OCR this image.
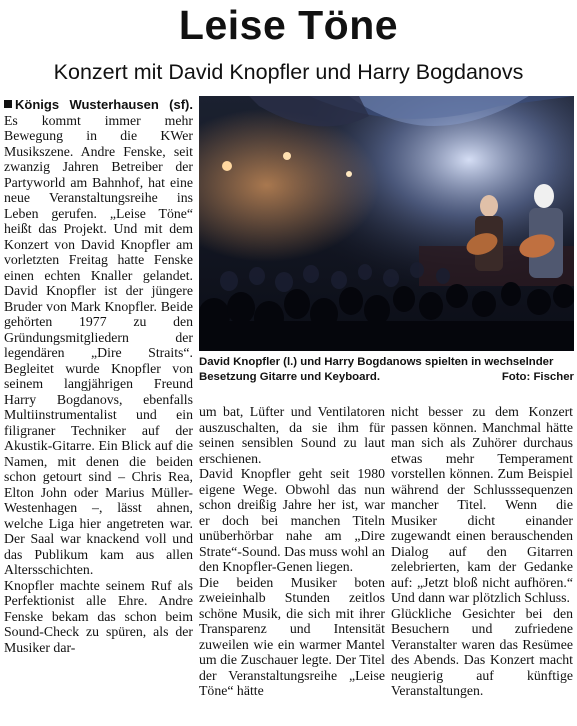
Leise Töne
Konzert mit David Knopfler und Harry Bogdanovs

Königs Wusterhausen (sf). Es kommt immer mehr Bewegung in die KWer Musikszene. Andre Fenske, seit zwanzig Jahren Betreiber der Partyworld am Bahnhof, hat eine neue Veranstaltungsreihe ins Leben gerufen. „Leise Töne“ heißt das Projekt. Und mit dem Konzert von David Knopfler am vorletzten Freitag hatte Fenske einen echten Knaller gelandet. David Knopfler ist der jüngere Bruder von Mark Knopfler. Beide gehörten 1977 zu den Gründungsmitgliedern der legendären „Dire Straits“. Begleitet wurde Knopfler von seinem langjährigen Freund Harry Bogdanovs, ebenfalls Multiinstrumentalist und ein filigraner Techniker auf der Akustik-Gitarre. Ein Blick auf die Namen, mit denen die beiden schon getourt sind – Chris Rea, Elton John oder Marius Müller-Westenhagen –, lässt ahnen, welche Liga hier angetreten war. Der Saal war knackend voll und das Publikum kam aus allen Altersschichten.

Knopfler machte seinem Ruf als Perfektionist alle Ehre. Andre Fenske bekam das schon beim Sound-Check zu spüren, als der Musiker dar-

David Knopfler (l.) und Harry Bogdanows spielten in wechselnder
Besetzung Gitarre und Keyboard.	Foto: Fischer

um bat, Lüfter und Ventilatoren auszuschalten, da sie ihm für seinen sensiblen Sound zu laut erschienen.

David Knopfler geht seit 1980 eigene Wege. Obwohl das nun schon dreißig Jahre her ist, war er doch bei manchen Titeln unüberhörbar nahe am „Dire Strate“-Sound. Das muss wohl an den Knopfler-Genen liegen.

Die beiden Musiker boten zweieinhalb Stunden zeitlos schöne Musik, die sich mit ihrer Transparenz und Intensität zuweilen wie ein warmer Mantel um die Zuschauer legte. Der Titel der Veranstaltungsreihe „Leise Töne“ hätte

nicht besser zu dem Konzert passen können. Manchmal hätte man sich als Zuhörer durchaus etwas mehr Temperament vorstellen können. Zum Beispiel während der Schlusssequenzen mancher Titel. Wenn die Musiker dicht einander zugewandt einen berauschenden Dialog auf den Gitarren zelebrierten, kam der Gedanke auf: „Jetzt bloß nicht aufhören.“ Und dann war plötzlich Schluss.

Glückliche Gesichter bei den Besuchern und zufriedene Veranstalter waren das Resümee des Abends. Das Konzert macht neugierig auf künftige Veranstaltungen.
